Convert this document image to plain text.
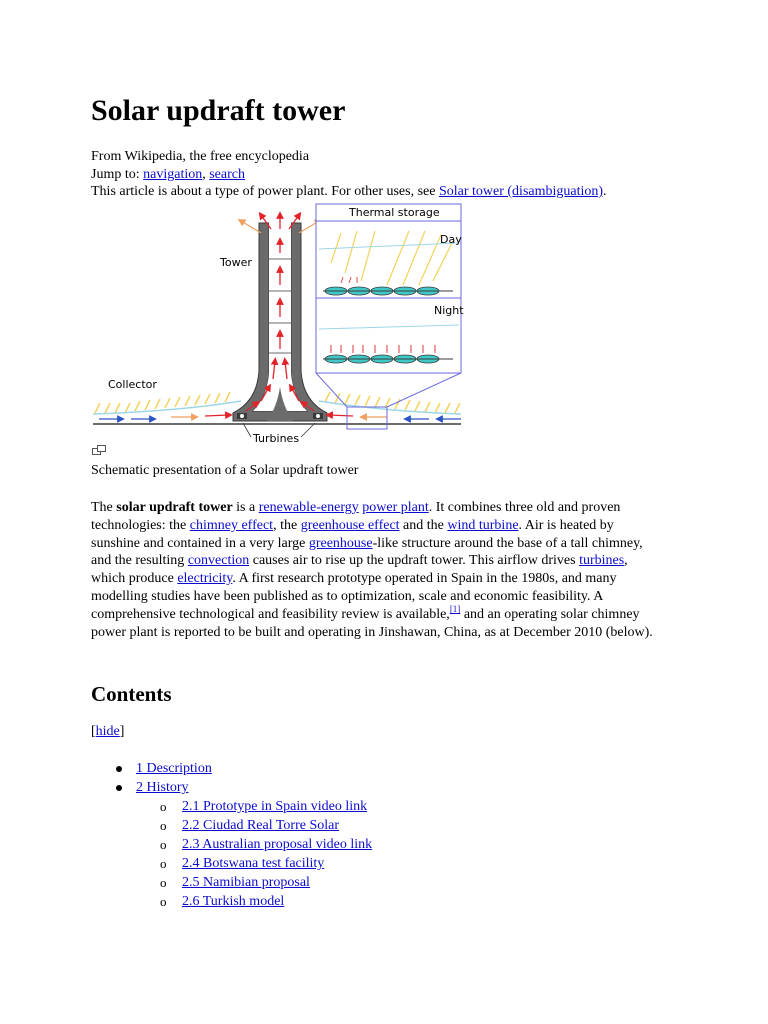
Solar updraft tower
From Wikipedia, the free encyclopedia
Jump to: navigation, search
This article is about a type of power plant. For other uses, see Solar tower (disambiguation).
Thermal storage
Day
Night
Tower
Collector
Turbines
Schematic presentation of a Solar updraft tower

The solar updraft tower is a renewable-energy power plant. It combines three old and proven technologies: the chimney effect, the greenhouse effect and the wind turbine. Air is heated by sunshine and contained in a very large greenhouse-like structure around the base of a tall chimney, and the resulting convection causes air to rise up the updraft tower. This airflow drives turbines, which produce electricity. A first research prototype operated in Spain in the 1980s, and many modelling studies have been published as to optimization, scale and economic feasibility. A comprehensive technological and feasibility review is available,[1] and an operating solar chimney power plant is reported to be built and operating in Jinshawan, China, as at December 2010 (below).

Contents
[hide]
1 Description
2 History
o 2.1 Prototype in Spain video link
o 2.2 Ciudad Real Torre Solar
o 2.3 Australian proposal video link
o 2.4 Botswana test facility
o 2.5 Namibian proposal
o 2.6 Turkish model
